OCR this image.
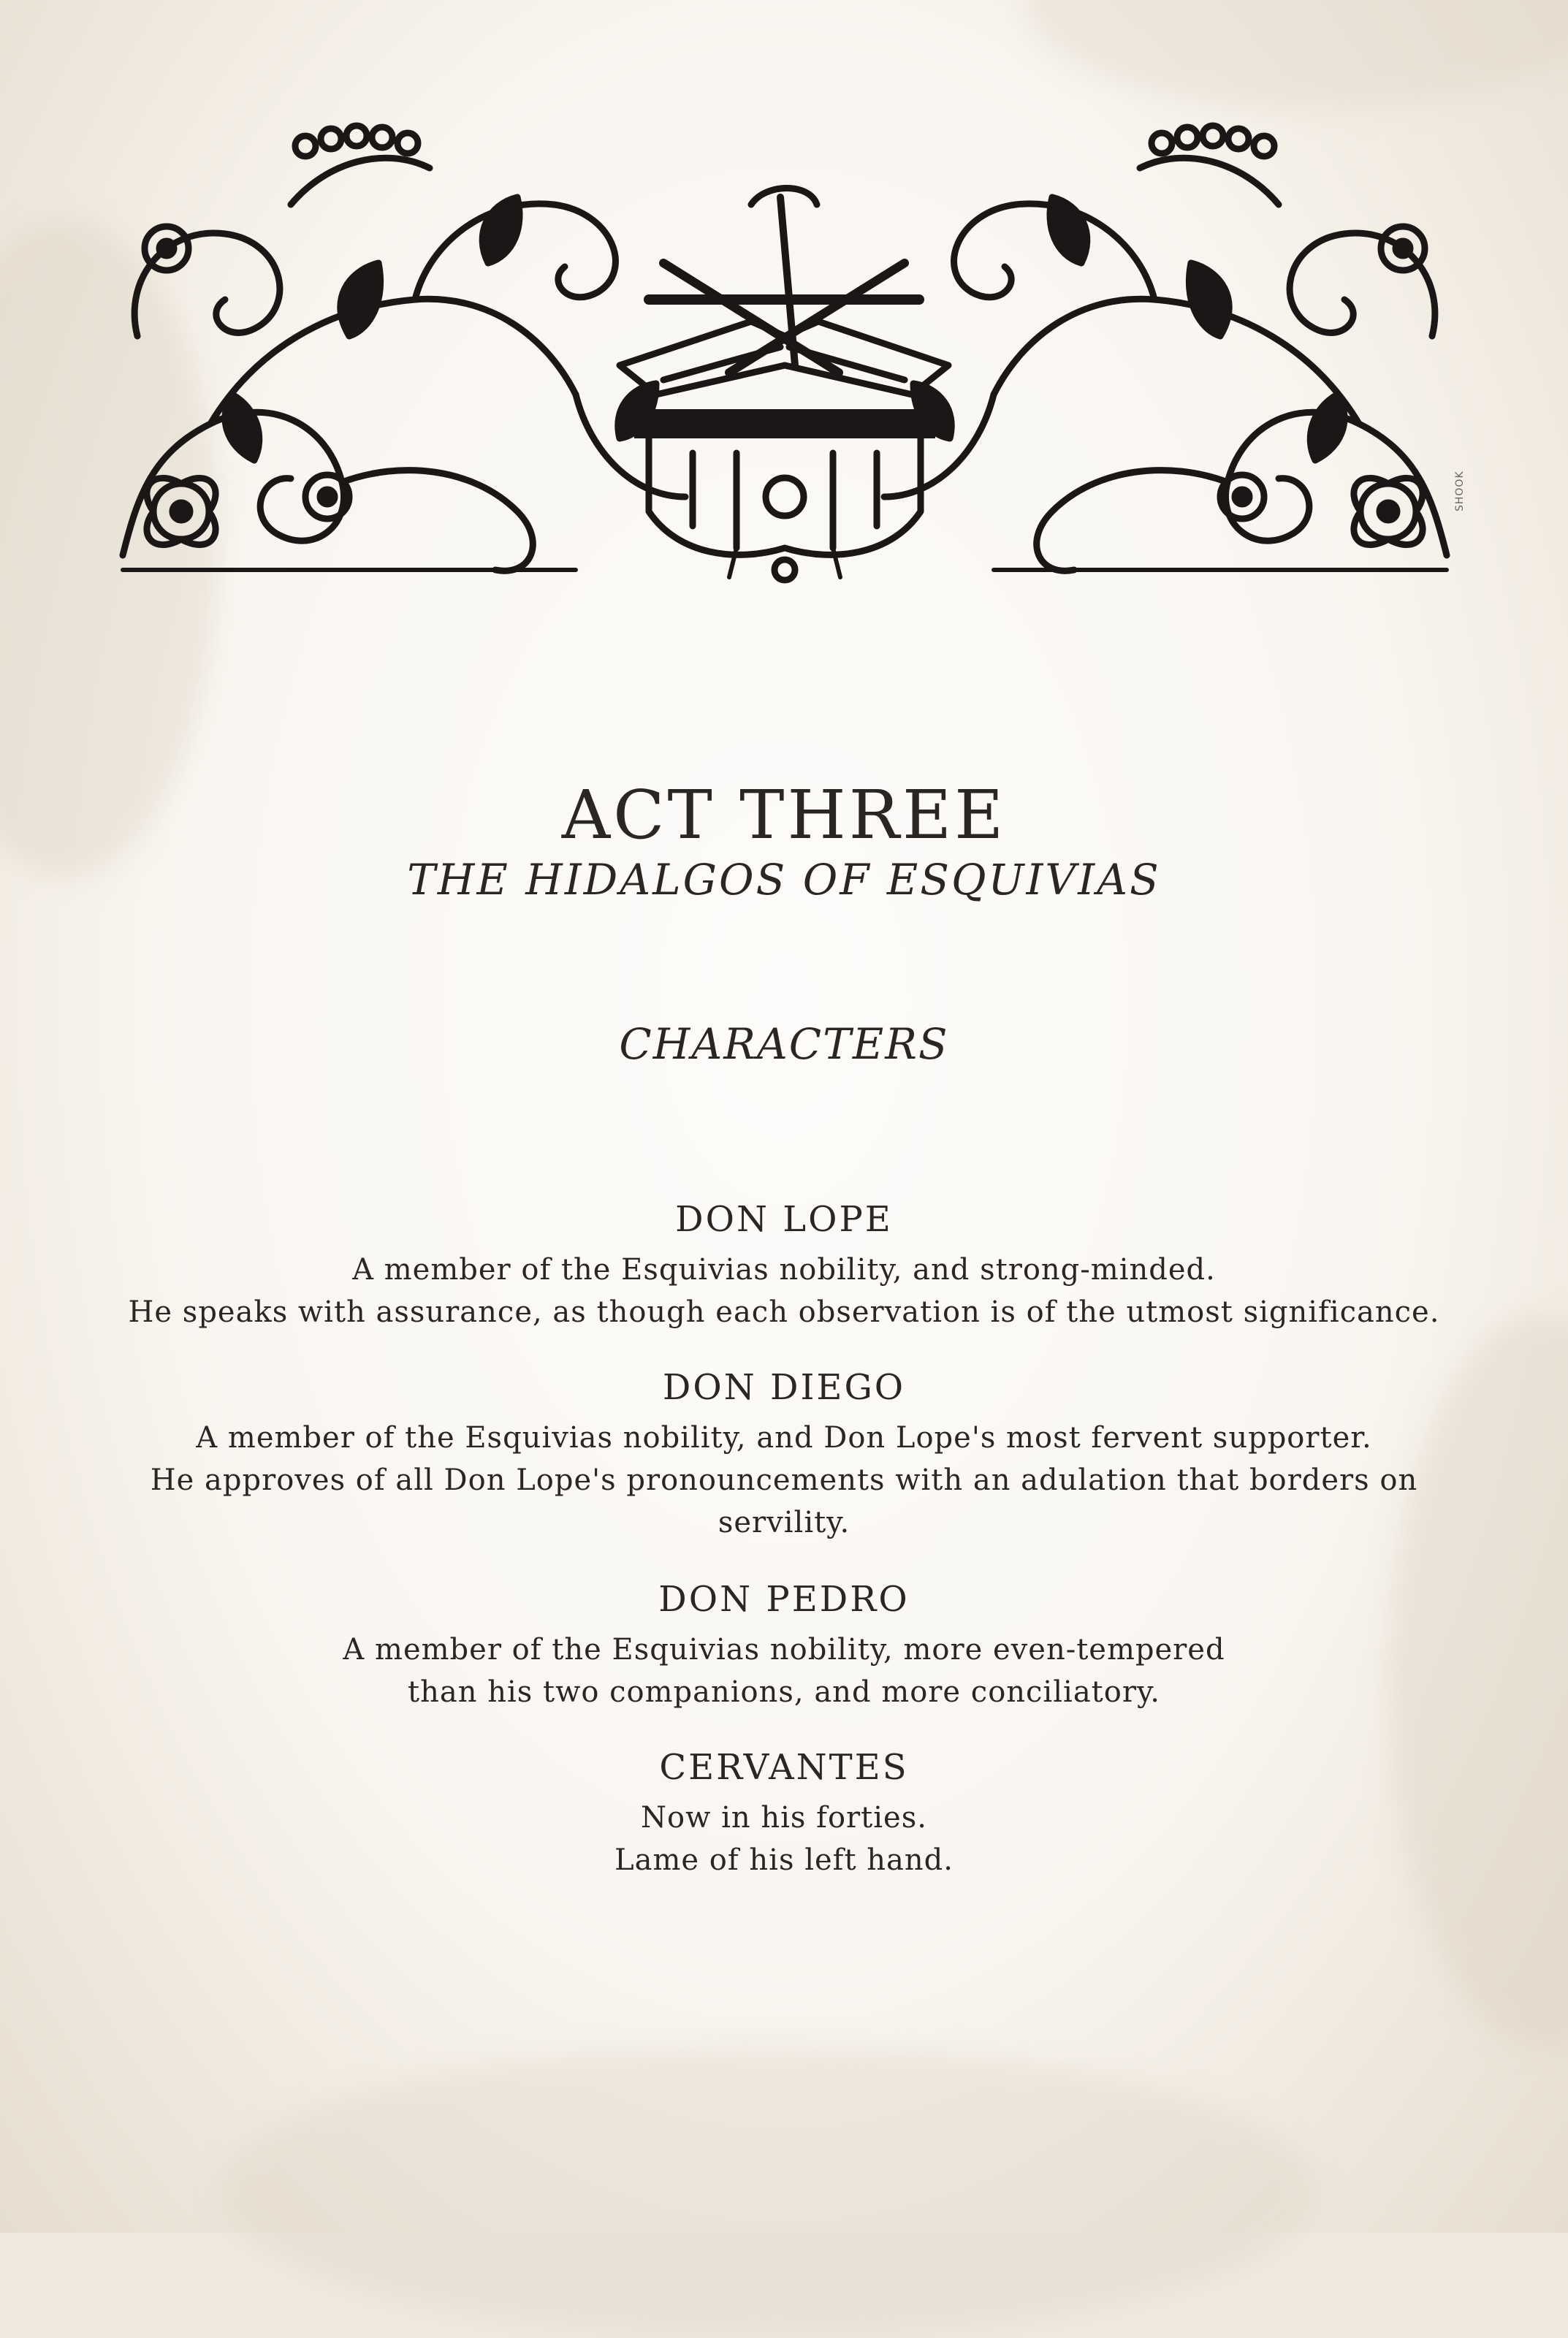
SHOOK
ACT THREE
THE HIDALGOS OF ESQUIVIAS
CHARACTERS
DON LOPE
A member of the Esquivias nobility, and strong-minded.
He speaks with assurance, as though each observation is of the utmost significance.
DON DIEGO
A member of the Esquivias nobility, and Don Lope's most fervent supporter.
He approves of all Don Lope's pronouncements with an adulation that borders on
servility.
DON PEDRO
A member of the Esquivias nobility, more even-tempered
than his two companions, and more conciliatory.
CERVANTES
Now in his forties.
Lame of his left hand.
